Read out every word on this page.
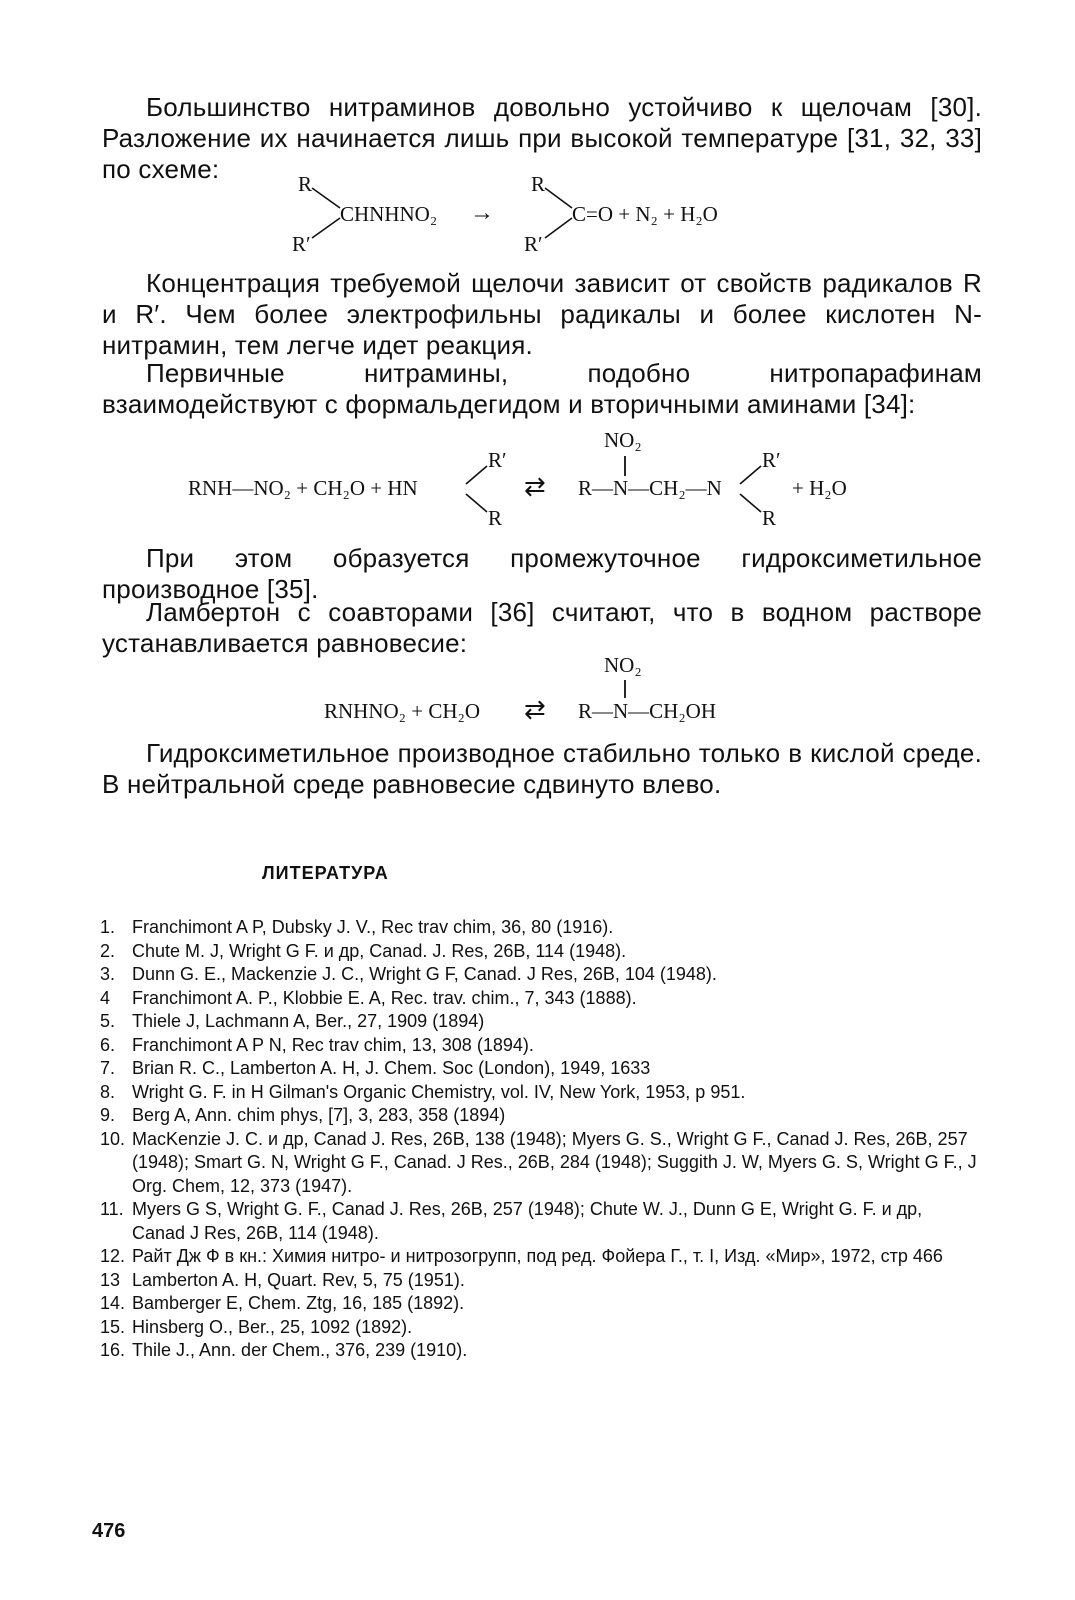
Большинство нитраминов довольно устойчиво к щелочам [30]. Разложение их начинается лишь при высокой температуре [31, 32, 33] по схеме:	R
R′
CHNHNO₂ →
R
R′
C=O + N₂ + H₂O
Концентрация требуемой щелочи зависит от свойств радикалов R и R′. Чем более электрофильны радикалы и более кислотен N-нитрамин, тем легче идет реакция.
Первичные нитрамины, подобно нитропарафинам взаимодействуют с формальдегидом и вторичными аминами [34]:
RNH—NO₂ + CH₂O + HN
R′
R
⇄
NO₂
R—N—CH₂—N
R′
R
+ H₂O
При этом образуется промежуточное гидроксиметильное производное [35].
Ламбертон с соавторами [36] считают, что в водном растворе устанавливается равновесие:
RNHNO₂ + CH₂O ⇄
NO₂
R—N—CH₂OH
Гидроксиметильное производное стабильно только в кислой среде. В нейтральной среде равновесие сдвинуто влево.
ЛИТЕРАТУРА
1. Franchimont A P, Dubsky J. V., Rec trav chim, 36, 80 (1916).
2. Chute M. J, Wright G F. и др, Canad. J. Res, 26B, 114 (1948).
3. Dunn G. E., Mackenzie J. C., Wright G F, Canad. J Res, 26B, 104 (1948).
4 Franchimont A. P., Klobbie E. A, Rec. trav. chim., 7, 343 (1888).
5. Thiele J, Lachmann A, Ber., 27, 1909 (1894)
6. Franchimont A P N, Rec trav chim, 13, 308 (1894).
7. Brian R. C., Lamberton A. H, J. Chem. Soc (London), 1949, 1633
8. Wright G. F. in H Gilman's Organic Chemistry, vol. IV, New York, 1953, p 951.
9. Berg A, Ann. chim phys, [7], 3, 283, 358 (1894)
10. MacKenzie J. C. и др, Canad J. Res, 26B, 138 (1948); Myers G. S., Wright G F., Canad J. Res, 26B, 257 (1948); Smart G. N, Wright G F., Canad. J Res., 26B, 284 (1948); Suggith J. W, Myers G. S, Wright G F., J Org. Chem, 12, 373 (1947).
11. Myers G S, Wright G. F., Canad J. Res, 26B, 257 (1948); Chute W. J., Dunn G E, Wright G. F. и др, Canad J Res, 26B, 114 (1948).
12. Райт Дж Ф в кн.: Химия нитро- и нитрозогрупп, под ред. Фойера Г., т. I, Изд. «Мир», 1972, стр 466
13 Lamberton A. H, Quart. Rev, 5, 75 (1951).
14. Bamberger E, Chem. Ztg, 16, 185 (1892).
15. Hinsberg O., Ber., 25, 1092 (1892).
16. Thile J., Ann. der Chem., 376, 239 (1910).
476
